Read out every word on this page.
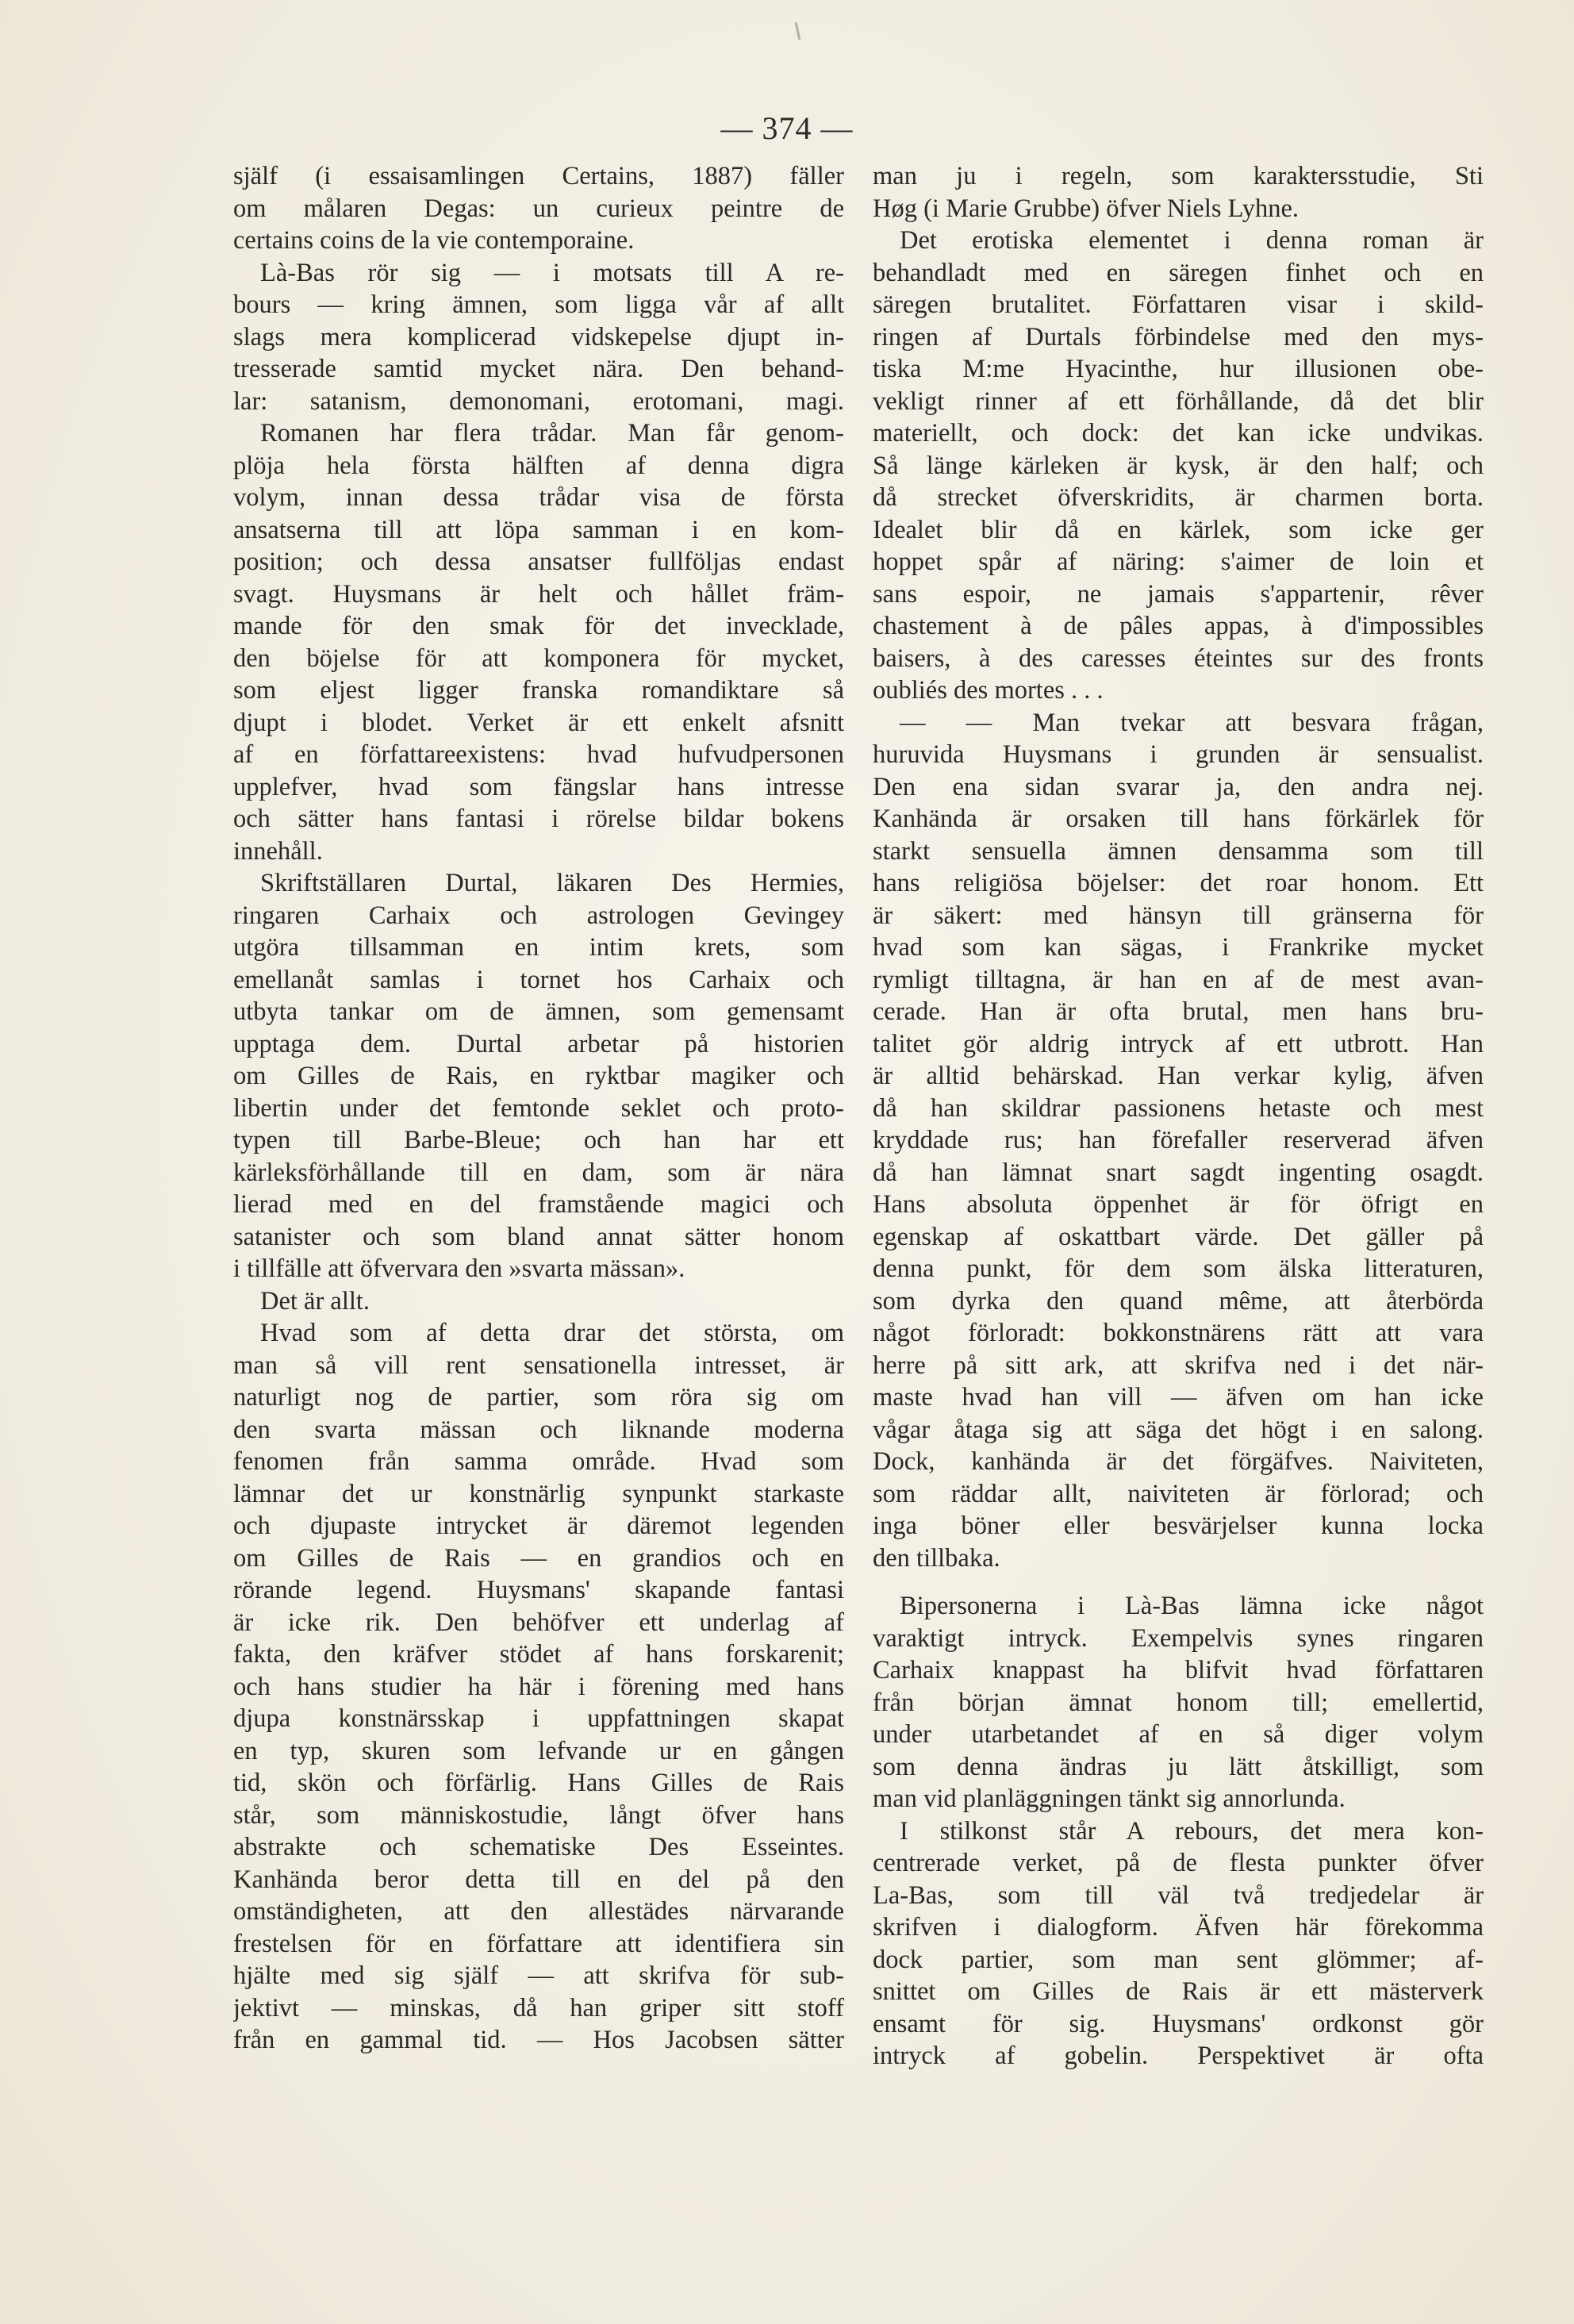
— 374 —
själf (i essaisamlingen Certains, 1887) fäller
om målaren Degas: un curieux peintre de
certains coins de la vie contemporaine.
Là-Bas rör sig — i motsats till A re-
bours — kring ämnen, som ligga vår af allt
slags mera komplicerad vidskepelse djupt in-
tresserade samtid mycket nära. Den behand-
lar: satanism, demonomani, erotomani, magi.
Romanen har flera trådar. Man får genom-
plöja hela första hälften af denna digra
volym, innan dessa trådar visa de första
ansatserna till att löpa samman i en kom-
position; och dessa ansatser fullföljas endast
svagt. Huysmans är helt och hållet främ-
mande för den smak för det invecklade,
den böjelse för att komponera för mycket,
som eljest ligger franska romandiktare så
djupt i blodet. Verket är ett enkelt afsnitt
af en författareexistens: hvad hufvudpersonen
upplefver, hvad som fängslar hans intresse
och sätter hans fantasi i rörelse bildar bokens
innehåll.
Skriftställaren Durtal, läkaren Des Hermies,
ringaren Carhaix och astrologen Gevingey
utgöra tillsamman en intim krets, som
emellanåt samlas i tornet hos Carhaix och
utbyta tankar om de ämnen, som gemensamt
upptaga dem. Durtal arbetar på historien
om Gilles de Rais, en ryktbar magiker och
libertin under det femtonde seklet och proto-
typen till Barbe-Bleue; och han har ett
kärleksförhållande till en dam, som är nära
lierad med en del framstående magici och
satanister och som bland annat sätter honom
i tillfälle att öfvervara den »svarta mässan».
Det är allt.
Hvad som af detta drar det största, om
man så vill rent sensationella intresset, är
naturligt nog de partier, som röra sig om
den svarta mässan och liknande moderna
fenomen från samma område. Hvad som
lämnar det ur konstnärlig synpunkt starkaste
och djupaste intrycket är däremot legenden
om Gilles de Rais — en grandios och en
rörande legend. Huysmans' skapande fantasi
är icke rik. Den behöfver ett underlag af
fakta, den kräfver stödet af hans forskarenit;
och hans studier ha här i förening med hans
djupa konstnärsskap i uppfattningen skapat
en typ, skuren som lefvande ur en gången
tid, skön och förfärlig. Hans Gilles de Rais
står, som människostudie, långt öfver hans
abstrakte och schematiske Des Esseintes.
Kanhända beror detta till en del på den
omständigheten, att den allestädes närvarande
frestelsen för en författare att identifiera sin
hjälte med sig själf — att skrifva för sub-
jektivt — minskas, då han griper sitt stoff
från en gammal tid. — Hos Jacobsen sätter
man ju i regeln, som karaktersstudie, Sti
Høg (i Marie Grubbe) öfver Niels Lyhne.
Det erotiska elementet i denna roman är
behandladt med en säregen finhet och en
säregen brutalitet. Författaren visar i skild-
ringen af Durtals förbindelse med den mys-
tiska M:me Hyacinthe, hur illusionen obe-
vekligt rinner af ett förhållande, då det blir
materiellt, och dock: det kan icke undvikas.
Så länge kärleken är kysk, är den half; och
då strecket öfverskridits, är charmen borta.
Idealet blir då en kärlek, som icke ger
hoppet spår af näring: s'aimer de loin et
sans espoir, ne jamais s'appartenir, rêver
chastement à de pâles appas, à d'impossibles
baisers, à des caresses éteintes sur des fronts
oubliés des mortes . . .
— — Man tvekar att besvara frågan,
huruvida Huysmans i grunden är sensualist.
Den ena sidan svarar ja, den andra nej.
Kanhända är orsaken till hans förkärlek för
starkt sensuella ämnen densamma som till
hans religiösa böjelser: det roar honom. Ett
är säkert: med hänsyn till gränserna för
hvad som kan sägas, i Frankrike mycket
rymligt tilltagna, är han en af de mest avan-
cerade. Han är ofta brutal, men hans bru-
talitet gör aldrig intryck af ett utbrott. Han
är alltid behärskad. Han verkar kylig, äfven
då han skildrar passionens hetaste och mest
kryddade rus; han förefaller reserverad äfven
då han lämnat snart sagdt ingenting osagdt.
Hans absoluta öppenhet är för öfrigt en
egenskap af oskattbart värde. Det gäller på
denna punkt, för dem som älska litteraturen,
som dyrka den quand même, att återbörda
något förloradt: bokkonstnärens rätt att vara
herre på sitt ark, att skrifva ned i det när-
maste hvad han vill — äfven om han icke
vågar åtaga sig att säga det högt i en salong.
Dock, kanhända är det förgäfves. Naiviteten,
som räddar allt, naiviteten är förlorad; och
inga böner eller besvärjelser kunna locka
den tillbaka.
Bipersonerna i Là-Bas lämna icke något
varaktigt intryck. Exempelvis synes ringaren
Carhaix knappast ha blifvit hvad författaren
från början ämnat honom till; emellertid,
under utarbetandet af en så diger volym
som denna ändras ju lätt åtskilligt, som
man vid planläggningen tänkt sig annorlunda.
I stilkonst står A rebours, det mera kon-
centrerade verket, på de flesta punkter öfver
La-Bas, som till väl två tredjedelar är
skrifven i dialogform. Äfven här förekomma
dock partier, som man sent glömmer; af-
snittet om Gilles de Rais är ett mästerverk
ensamt för sig. Huysmans' ordkonst gör
intryck af gobelin. Perspektivet är ofta
